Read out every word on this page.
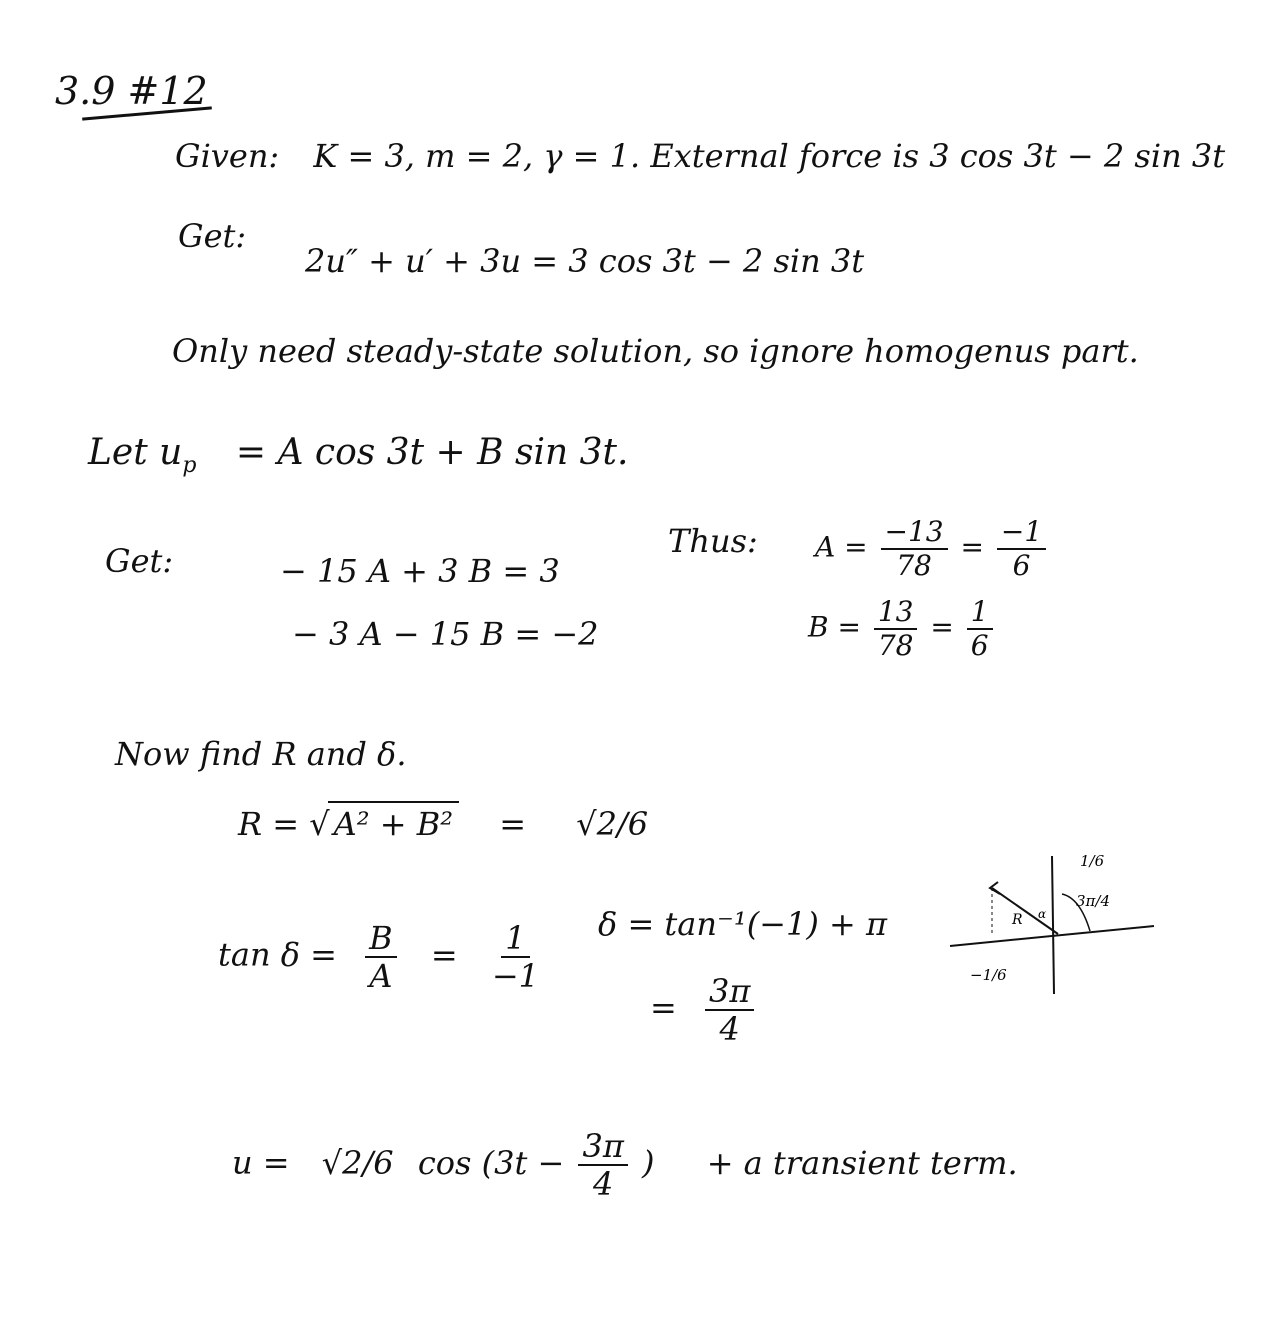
3.9 #12
Given: K = 3, m = 2, γ = 1. External force is 3 cos 3t − 2 sin 3t
Get:
2u″ + u′ + 3u = 3 cos 3t − 2 sin 3t
Only need steady-state solution, so ignore homogenus part.
Let $u_p = A$ cos 3t + B sin 3t.
Get:	− 15 A + 3 B = 3
− 3 A − 15 B = −2
Thus: $A = \frac{-13}{78} = \frac{-1}{6}$
$B = \frac{13}{78} = \frac{1}{6}$
Now find R and δ.
R = √ A² + B² = √2/6
$\tan \delta = \frac{B}{A} = \frac{1}{-1}$ δ = tan⁻¹(−1) + π
= $\frac{3\pi}{4}$
1/6
3π/4
R α
−1/6
u = √2/6 $\cos (3t - \frac{3\pi}{4}$ ) + a transient term.
